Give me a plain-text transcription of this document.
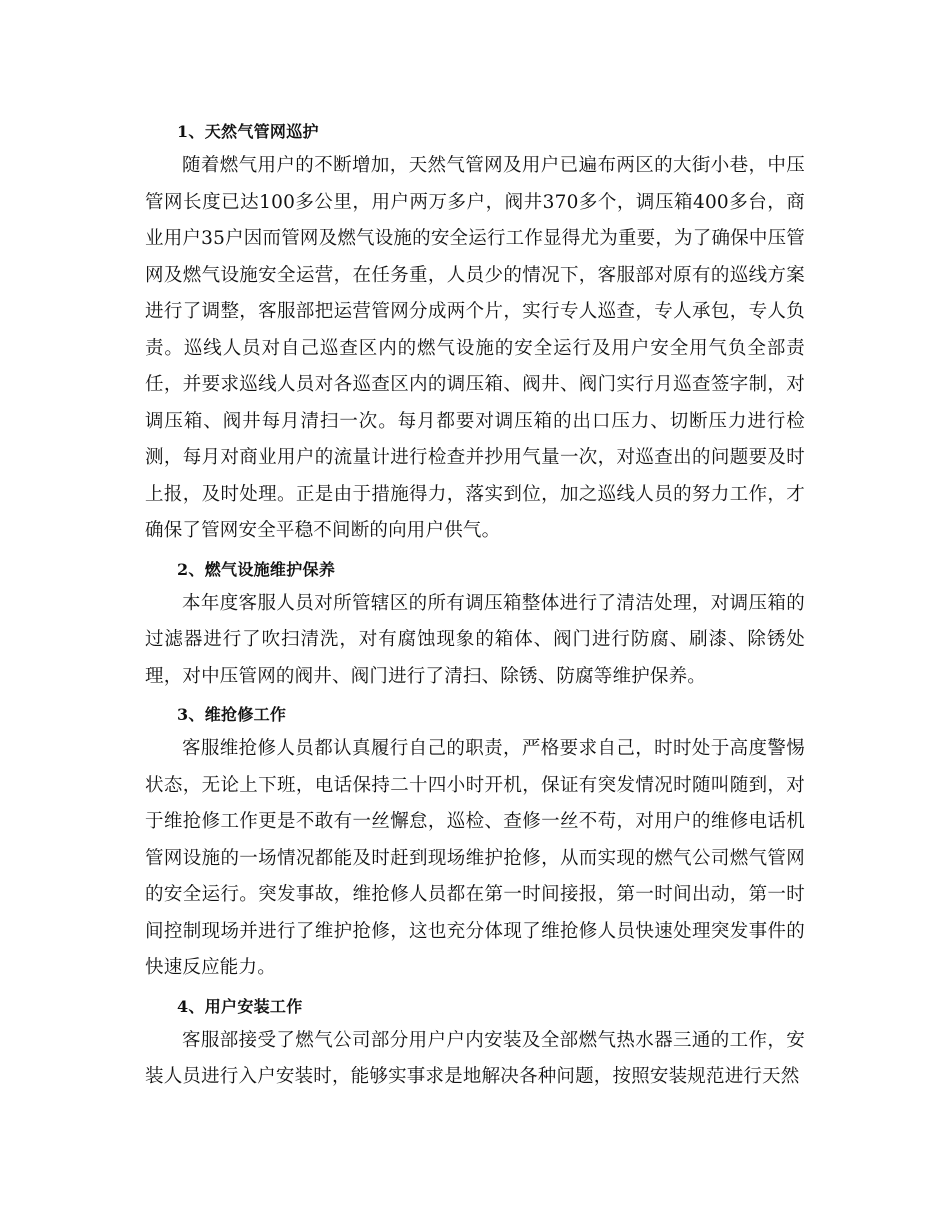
1、天然气管网巡护

随着燃气用户的不断增加，天然气管网及用户已遍布两区的大街小巷，中压管网长度已达100多公里，用户两万多户，阀井370多个，调压箱400多台，商业用户35户因而管网及燃气设施的安全运行工作显得尤为重要，为了确保中压管网及燃气设施安全运营，在任务重，人员少的情况下，客服部对原有的巡线方案进行了调整，客服部把运营管网分成两个片，实行专人巡查，专人承包，专人负责。巡线人员对自己巡查区内的燃气设施的安全运行及用户安全用气负全部责任，并要求巡线人员对各巡查区内的调压箱、阀井、阀门实行月巡查签字制，对调压箱、阀井每月清扫一次。每月都要对调压箱的出口压力、切断压力进行检测，每月对商业用户的流量计进行检查并抄用气量一次，对巡查出的问题要及时上报，及时处理。正是由于措施得力，落实到位，加之巡线人员的努力工作，才确保了管网安全平稳不间断的向用户供气。

2、燃气设施维护保养

本年度客服人员对所管辖区的所有调压箱整体进行了清洁处理，对调压箱的过滤器进行了吹扫清洗，对有腐蚀现象的箱体、阀门进行防腐、刷漆、除锈处理，对中压管网的阀井、阀门进行了清扫、除锈、防腐等维护保养。

3、维抢修工作

客服维抢修人员都认真履行自己的职责，严格要求自己，时时处于高度警惕状态，无论上下班，电话保持二十四小时开机，保证有突发情况时随叫随到，对于维抢修工作更是不敢有一丝懈怠，巡检、查修一丝不苟，对用户的维修电话机管网设施的一场情况都能及时赶到现场维护抢修，从而实现的燃气公司燃气管网的安全运行。突发事故，维抢修人员都在第一时间接报，第一时间出动，第一时间控制现场并进行了维护抢修，这也充分体现了维抢修人员快速处理突发事件的快速反应能力。

4、用户安装工作

客服部接受了燃气公司部分用户户内安装及全部燃气热水器三通的工作，安装人员进行入户安装时，能够实事求是地解决各种问题，按照安装规范进行天然
